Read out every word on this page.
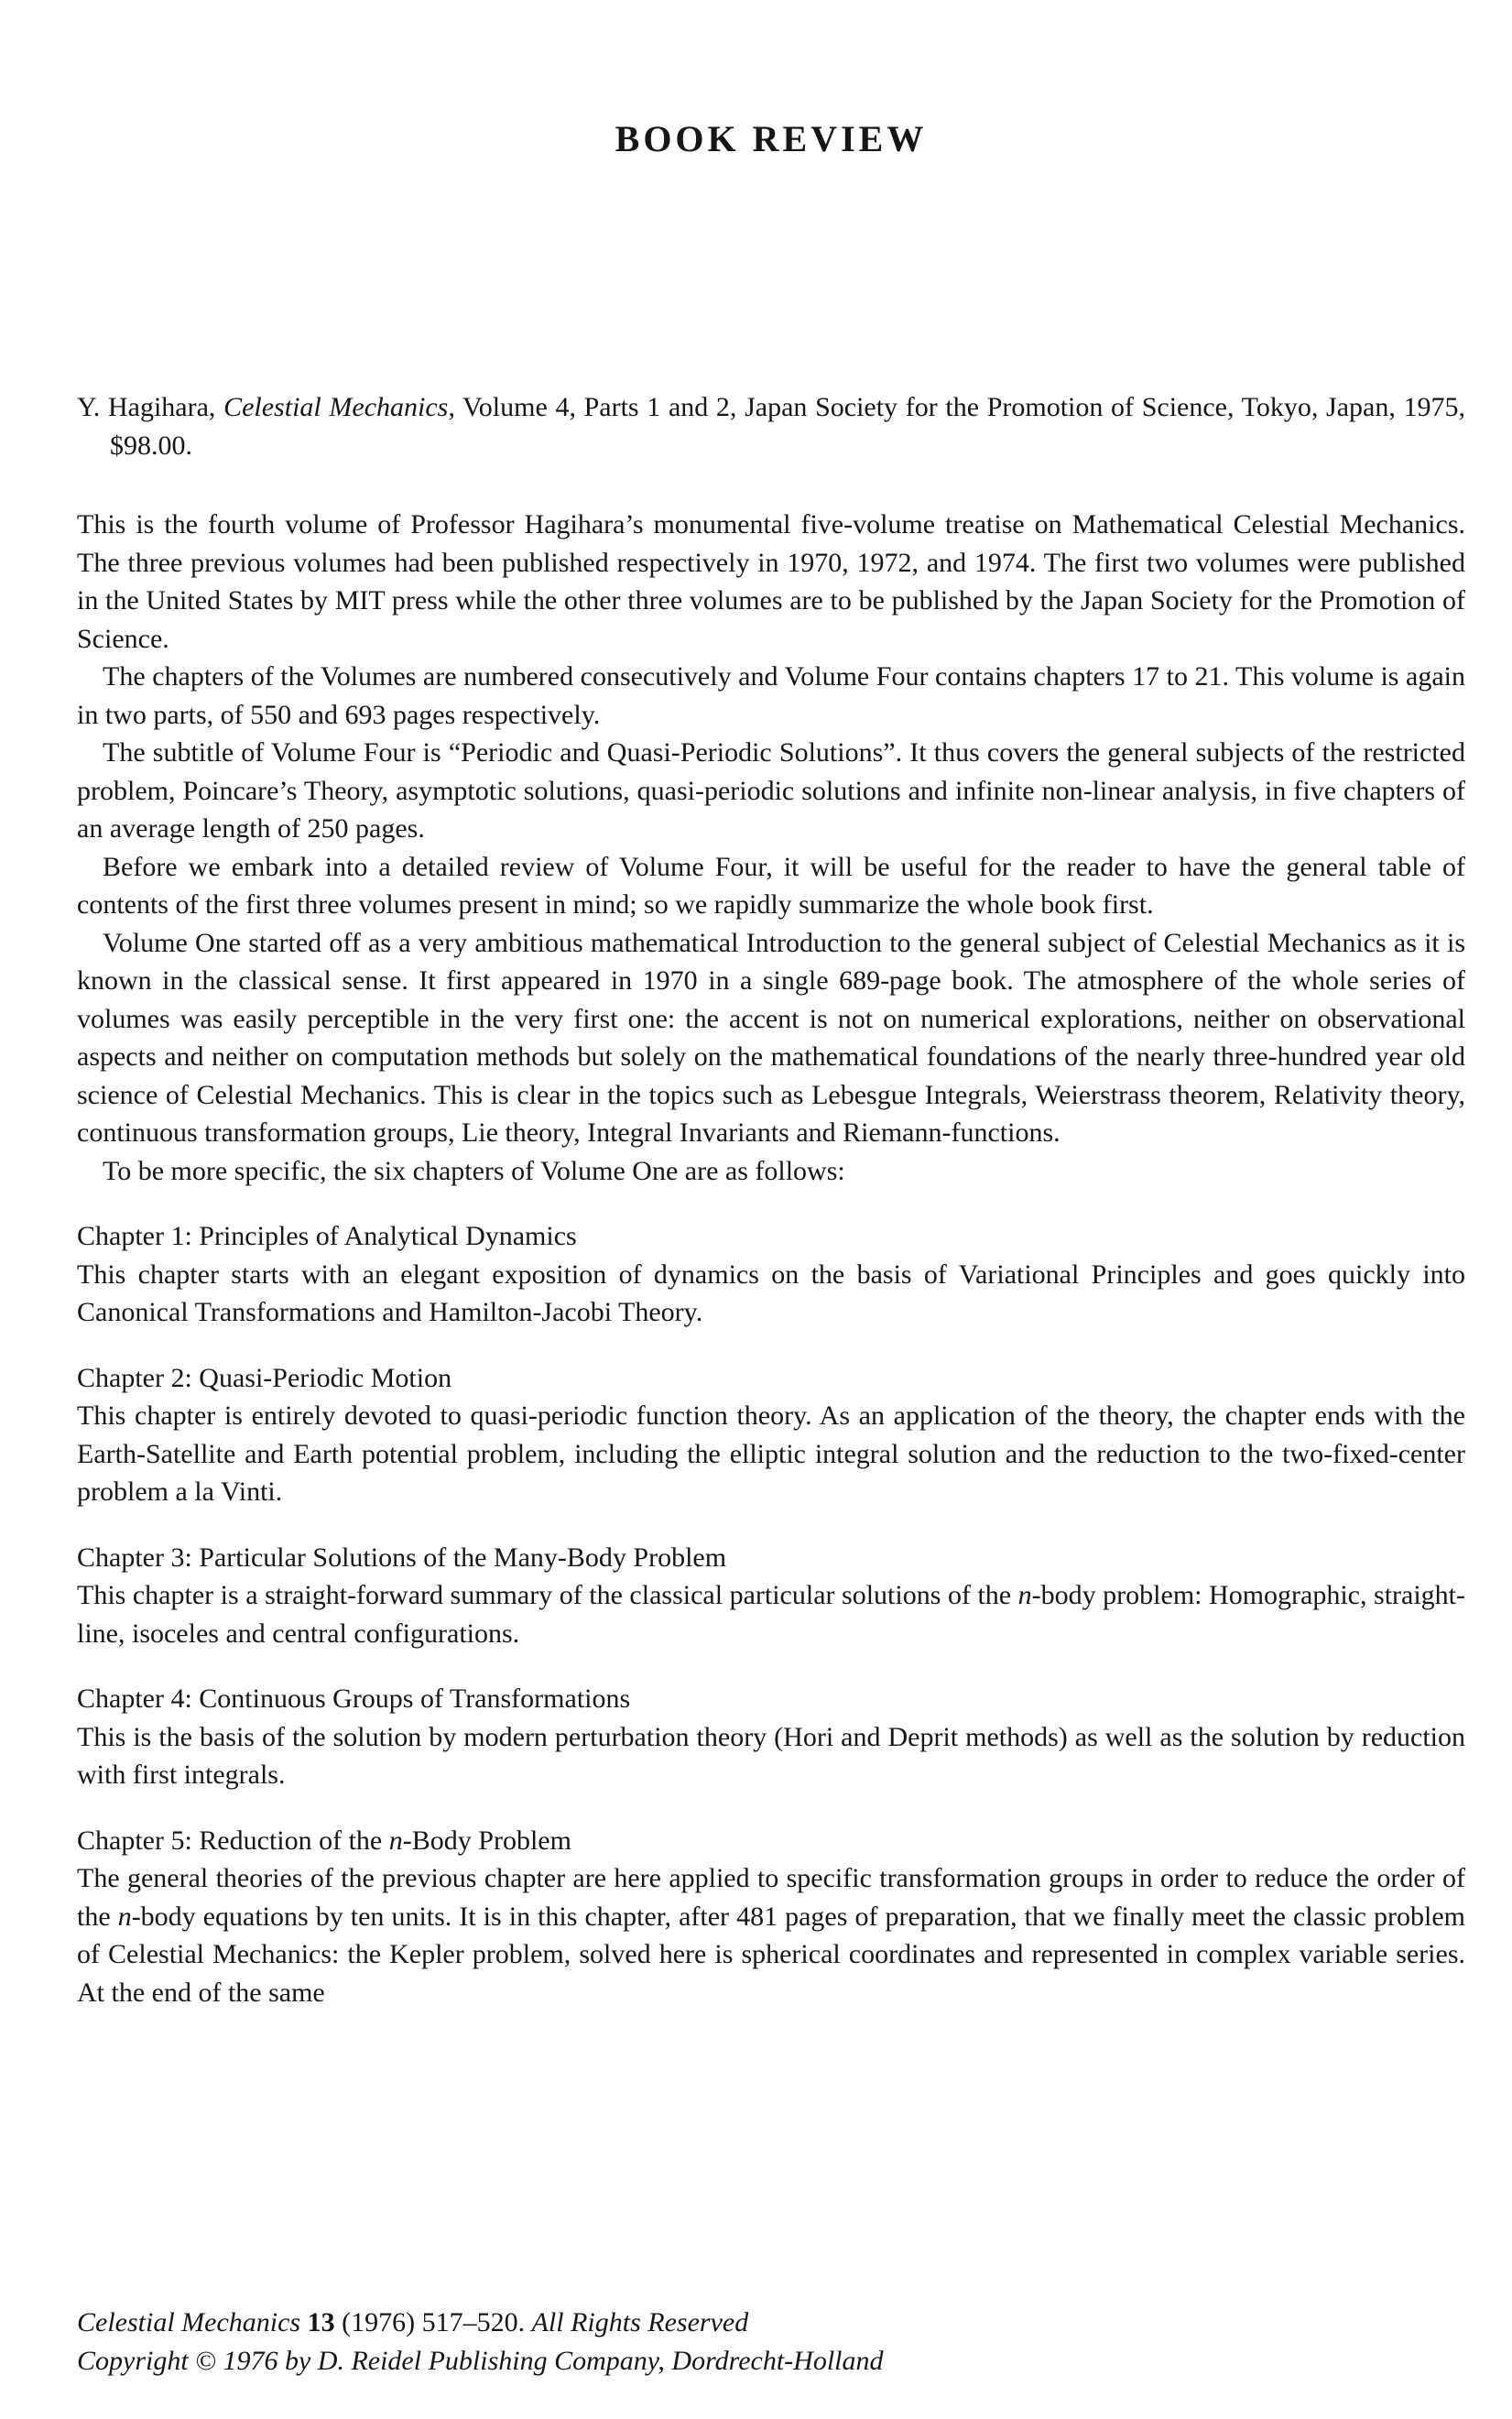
BOOK REVIEW

Y. Hagihara, Celestial Mechanics, Volume 4, Parts 1 and 2, Japan Society for the Promotion of Science, Tokyo, Japan, 1975, $98.00.

This is the fourth volume of Professor Hagihara’s monumental five-volume treatise on Mathematical Celestial Mechanics. The three previous volumes had been published respectively in 1970, 1972, and 1974. The first two volumes were published in the United States by MIT press while the other three volumes are to be published by the Japan Society for the Promotion of Science.

The chapters of the Volumes are numbered consecutively and Volume Four contains chapters 17 to 21. This volume is again in two parts, of 550 and 693 pages respectively.

The subtitle of Volume Four is “Periodic and Quasi-Periodic Solutions”. It thus covers the general subjects of the restricted problem, Poincare’s Theory, asymptotic solutions, quasi-periodic solutions and infinite non-linear analysis, in five chapters of an average length of 250 pages.

Before we embark into a detailed review of Volume Four, it will be useful for the reader to have the general table of contents of the first three volumes present in mind; so we rapidly summarize the whole book first.

Volume One started off as a very ambitious mathematical Introduction to the general subject of Celestial Mechanics as it is known in the classical sense. It first appeared in 1970 in a single 689-page book. The atmosphere of the whole series of volumes was easily perceptible in the very first one: the accent is not on numerical explorations, neither on observational aspects and neither on computation methods but solely on the mathematical foundations of the nearly three-hundred year old science of Celestial Mechanics. This is clear in the topics such as Lebesgue Integrals, Weierstrass theorem, Relativity theory, continuous transformation groups, Lie theory, Integral Invariants and Riemann-functions.

To be more specific, the six chapters of Volume One are as follows:

Chapter 1: Principles of Analytical Dynamics

This chapter starts with an elegant exposition of dynamics on the basis of Variational Principles and goes quickly into Canonical Transformations and Hamilton-Jacobi Theory.

Chapter 2: Quasi-Periodic Motion

This chapter is entirely devoted to quasi-periodic function theory. As an application of the theory, the chapter ends with the Earth-Satellite and Earth potential problem, including the elliptic integral solution and the reduction to the two-fixed-center problem a la Vinti.

Chapter 3: Particular Solutions of the Many-Body Problem

This chapter is a straight-forward summary of the classical particular solutions of the n-body problem: Homographic, straight-line, isoceles and central configurations.

Chapter 4: Continuous Groups of Transformations

This is the basis of the solution by modern perturbation theory (Hori and Deprit methods) as well as the solution by reduction with first integrals.

Chapter 5: Reduction of the n-Body Problem

The general theories of the previous chapter are here applied to specific transformation groups in order to reduce the order of the n-body equations by ten units. It is in this chapter, after 481 pages of preparation, that we finally meet the classic problem of Celestial Mechanics: the Kepler problem, solved here is spherical coordinates and represented in complex variable series. At the end of the same

Celestial Mechanics 13 (1976) 517–520. All Rights Reserved

Copyright © 1976 by D. Reidel Publishing Company, Dordrecht-Holland
